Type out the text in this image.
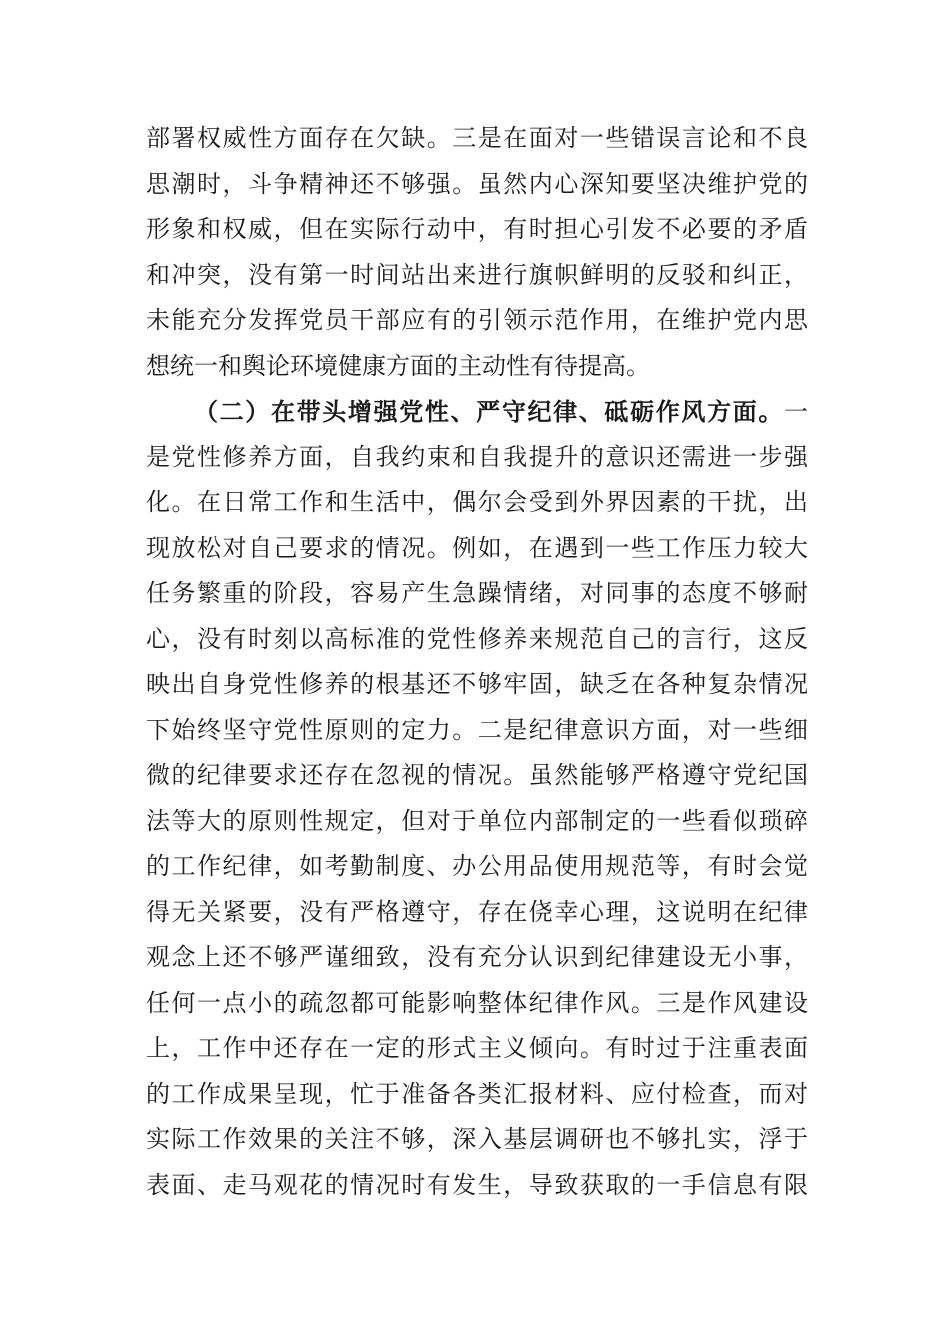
部署权威性方面存在欠缺。三是在面对一些错误言论和不良
思潮时，斗争精神还不够强。虽然内心深知要坚决维护党的
形象和权威，但在实际行动中，有时担心引发不必要的矛盾
和冲突，没有第一时间站出来进行旗帜鲜明的反驳和纠正，
未能充分发挥党员干部应有的引领示范作用，在维护党内思
想统一和舆论环境健康方面的主动性有待提高。
（二）在带头增强党性、严守纪律、砥砺作风方面。一
是党性修养方面，自我约束和自我提升的意识还需进一步强
化。在日常工作和生活中，偶尔会受到外界因素的干扰，出
现放松对自己要求的情况。例如，在遇到一些工作压力较大
任务繁重的阶段，容易产生急躁情绪，对同事的态度不够耐
心，没有时刻以高标准的党性修养来规范自己的言行，这反
映出自身党性修养的根基还不够牢固，缺乏在各种复杂情况
下始终坚守党性原则的定力。二是纪律意识方面，对一些细
微的纪律要求还存在忽视的情况。虽然能够严格遵守党纪国
法等大的原则性规定，但对于单位内部制定的一些看似琐碎
的工作纪律，如考勤制度、办公用品使用规范等，有时会觉
得无关紧要，没有严格遵守，存在侥幸心理，这说明在纪律
观念上还不够严谨细致，没有充分认识到纪律建设无小事，
任何一点小的疏忽都可能影响整体纪律作风。三是作风建设
上，工作中还存在一定的形式主义倾向。有时过于注重表面
的工作成果呈现，忙于准备各类汇报材料、应付检查，而对
实际工作效果的关注不够，深入基层调研也不够扎实，浮于
表面、走马观花的情况时有发生，导致获取的一手信息有限
